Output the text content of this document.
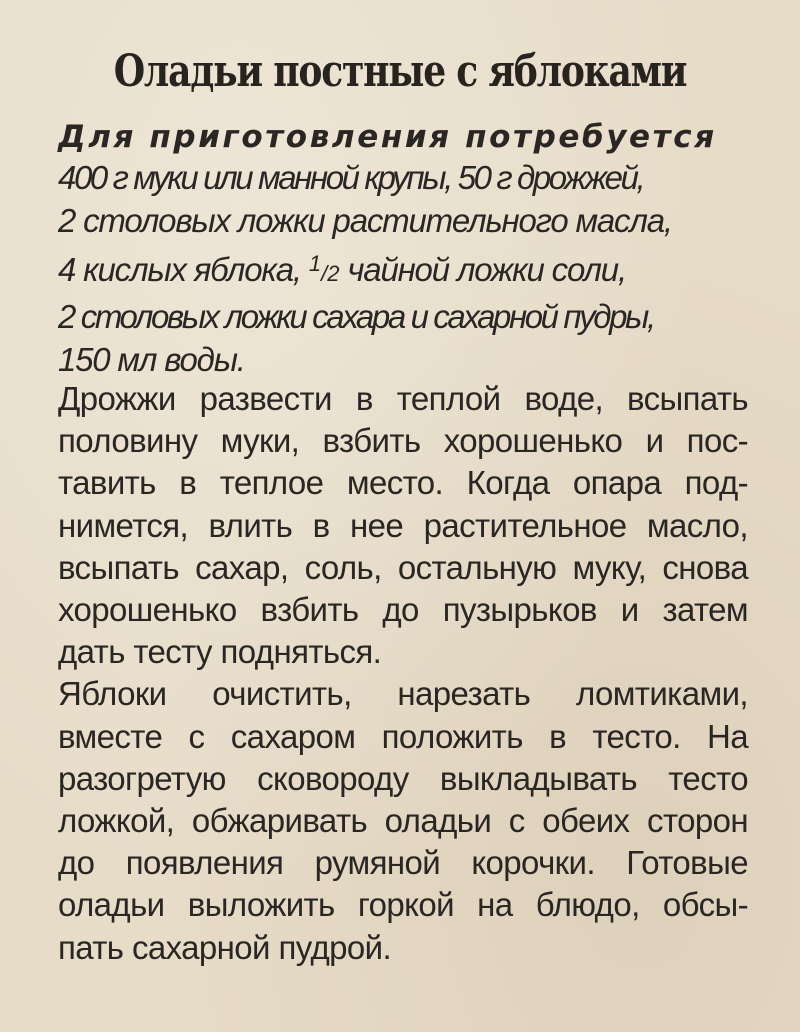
Оладьи постные с яблоками
Для приготовления потребуется
400 г муки или манной крупы, 50 г дрожжей,
2 столовых ложки растительного масла,
4 кислых яблока, $^1$/2 чайной ложки соли,
2 столовых ложки сахара и сахарной пудры,
150 мл воды.
Дрожжи развести в теплой воде, всыпать
половину муки, взбить хорошенько и пос-
тавить в теплое место. Когда опара под-
нимется, влить в нее растительное масло,
всыпать сахар, соль, остальную муку, снова
хорошенько взбить до пузырьков и затем
дать тесту подняться.
Яблоки очистить, нарезать ломтиками,
вместе с сахаром положить в тесто. На
разогретую сковороду выкладывать тесто
ложкой, обжаривать оладьи с обеих сторон
до появления румяной корочки. Готовые
оладьи выложить горкой на блюдо, обсы-
пать сахарной пудрой.
